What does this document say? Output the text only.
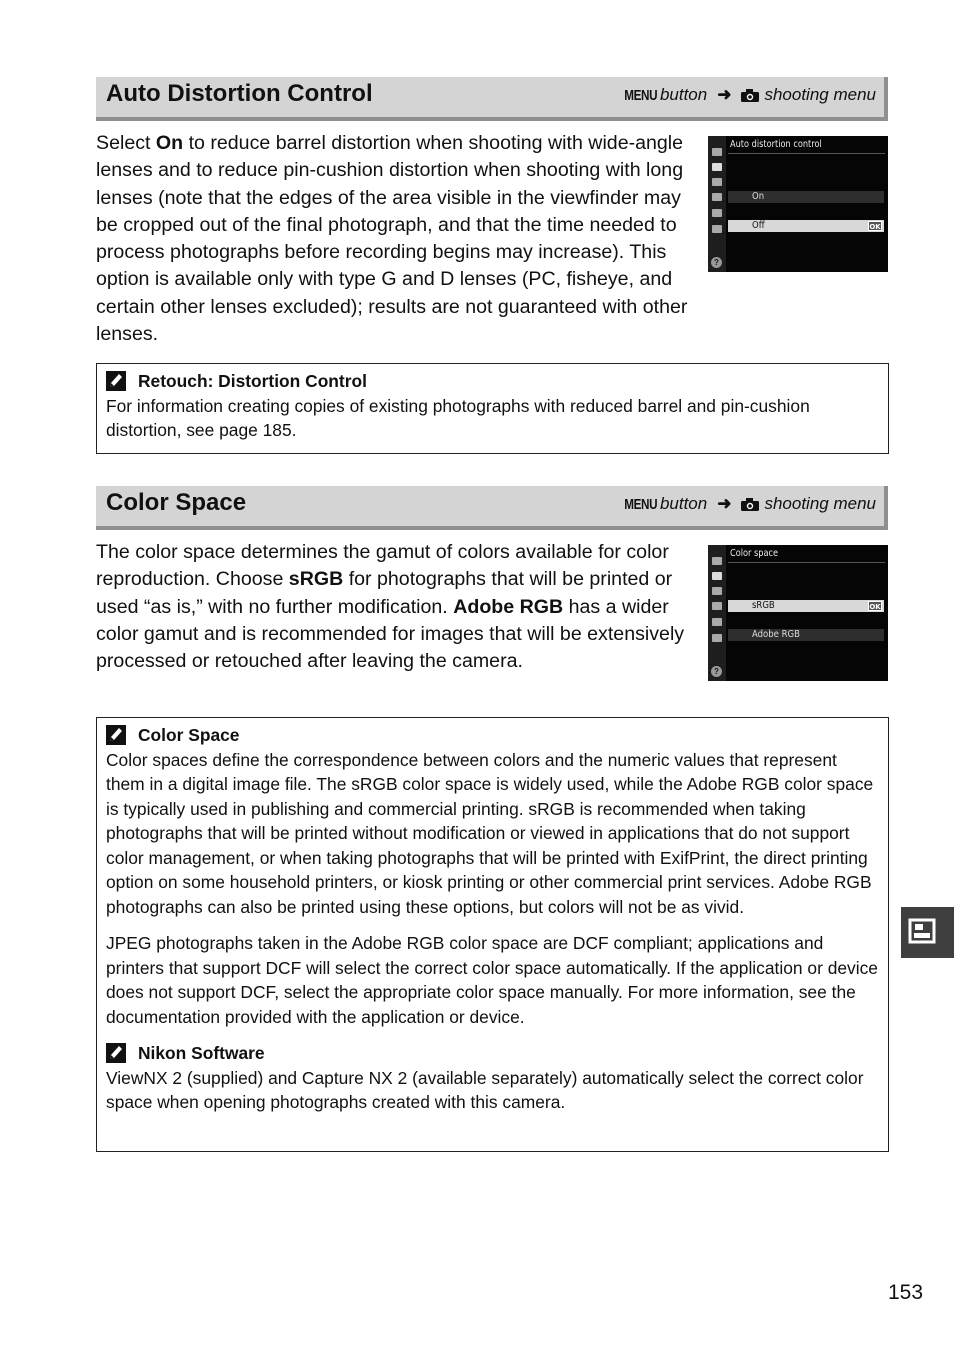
Auto Distortion Control	MENU button ➜ shooting menu
Select On to reduce barrel distortion when shooting with wide-angle lenses and to reduce pin-cushion distortion when shooting with long lenses (note that the edges of the area visible in the viewfinder may be cropped out of the final photograph, and that the time needed to process photographs before recording begins may increase). This option is available only with type G and D lenses (PC, fisheye, and certain other lenses excluded); results are not guaranteed with other lenses.
?
Auto distortion control
On
Off	OK
Retouch: Distortion Control

For information creating copies of existing photographs with reduced barrel and pin-cushion distortion, see page 185.

Color Space	MENU button ➜ shooting menu
The color space determines the gamut of colors available for color reproduction. Choose sRGB for photographs that will be printed or used “as is,” with no further modification. Adobe RGB has a wider color gamut and is recommended for images that will be extensively processed or retouched after leaving the camera.	?
Color space
sRGB	OK
Adobe RGB
Color Space

Color spaces define the correspondence between colors and the numeric values that represent them in a digital image file. The sRGB color space is widely used, while the Adobe RGB color space is typically used in publishing and commercial printing. sRGB is recommended when taking photographs that will be printed without modification or viewed in applications that do not support color management, or when taking photographs that will be printed with ExifPrint, the direct printing option on some household printers, or kiosk printing or other commercial print services. Adobe RGB photographs can also be printed using these options, but colors will not be as vivid.

JPEG photographs taken in the Adobe RGB color space are DCF compliant; applications and printers that support DCF will select the correct color space automatically. If the application or device does not support DCF, select the appropriate color space manually. For more information, see the documentation provided with the application or device.

Nikon Software

ViewNX 2 (supplied) and Capture NX 2 (available separately) automatically select the correct color space when opening photographs created with this camera.

153
